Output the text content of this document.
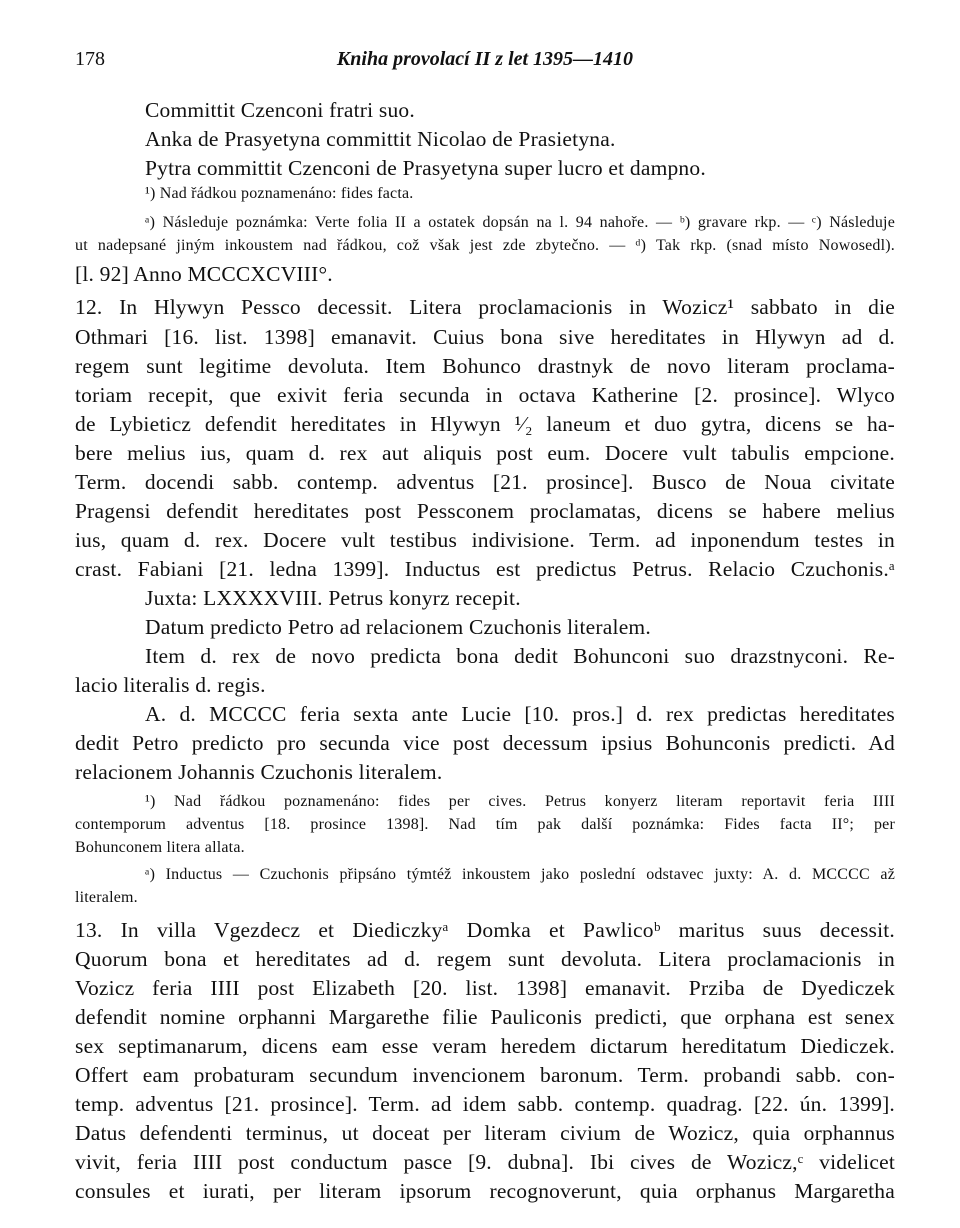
178	Kniha provolací II z let 1395—1410
Committit Czenconi fratri suo.
Anka de Prasyetyna committit Nicolao de Prasietyna.
Pytra committit Czenconi de Prasyetyna super lucro et dampno.
¹) Nad řádkou poznamenáno: fides facta.
ᵃ) Následuje poznámka: Verte folia II a ostatek dopsán na l. 94 nahoře. — ᵇ) gravare rkp. — ᶜ) Následuje
ut nadepsané jiným inkoustem nad řádkou, což však jest zde zbytečno. — ᵈ) Tak rkp. (snad místo Nowosedl).
[l. 92] Anno MCCCXCVIII°.
12. In Hlywyn Pessco decessit. Litera proclamacionis in Wozicz¹ sabbato in die
Othmari [16. list. 1398] emanavit. Cuius bona sive hereditates in Hlywyn ad d.
regem sunt legitime devoluta. Item Bohunco drastnyk de novo literam proclama-
toriam recepit, que exivit feria secunda in octava Katherine [2. prosince]. Wlyco
de Lybieticz defendit hereditates in Hlywyn ¹⁄₂ laneum et duo gytra, dicens se ha-
bere melius ius, quam d. rex aut aliquis post eum. Docere vult tabulis empcione.
Term. docendi sabb. contemp. adventus [21. prosince]. Busco de Noua civitate
Pragensi defendit hereditates post Pessconem proclamatas, dicens se habere melius
ius, quam d. rex. Docere vult testibus indivisione. Term. ad inponendum testes in
crast. Fabiani [21. ledna 1399]. Inductus est predictus Petrus. Relacio Czuchonis.ᵃ
Juxta: LXXXXVIII. Petrus konyrz recepit.
Datum predicto Petro ad relacionem Czuchonis literalem.
Item d. rex de novo predicta bona dedit Bohunconi suo drazstnyconi. Re-
lacio literalis d. regis.
A. d. MCCCC feria sexta ante Lucie [10. pros.] d. rex predictas hereditates
dedit Petro predicto pro secunda vice post decessum ipsius Bohunconis predicti. Ad
relacionem Johannis Czuchonis literalem.
¹) Nad řádkou poznamenáno: fides per cives. Petrus konyerz literam reportavit feria IIII
contemporum adventus [18. prosince 1398]. Nad tím pak další poznámka: Fides facta II°; per
Bohunconem litera allata.
ᵃ) Inductus — Czuchonis připsáno týmtéž inkoustem jako poslední odstavec juxty: A. d. MCCCC až
literalem.
13. In villa Vgezdecz et Diediczkyᵃ Domka et Pawlicoᵇ maritus suus decessit.
Quorum bona et hereditates ad d. regem sunt devoluta. Litera proclamacionis in
Vozicz feria IIII post Elizabeth [20. list. 1398] emanavit. Prziba de Dyediczek
defendit nomine orphanni Margarethe filie Pauliconis predicti, que orphana est senex
sex septimanarum, dicens eam esse veram heredem dictarum hereditatum Diediczek.
Offert eam probaturam secundum invencionem baronum. Term. probandi sabb. con-
temp. adventus [21. prosince]. Term. ad idem sabb. contemp. quadrag. [22. ún. 1399].
Datus defendenti terminus, ut doceat per literam civium de Wozicz, quia orphannus
vivit, feria IIII post conductum pasce [9. dubna]. Ibi cives de Wozicz,ᶜ videlicet
consules et iurati, per literam ipsorum recognoverunt, quia orphanus Margaretha
